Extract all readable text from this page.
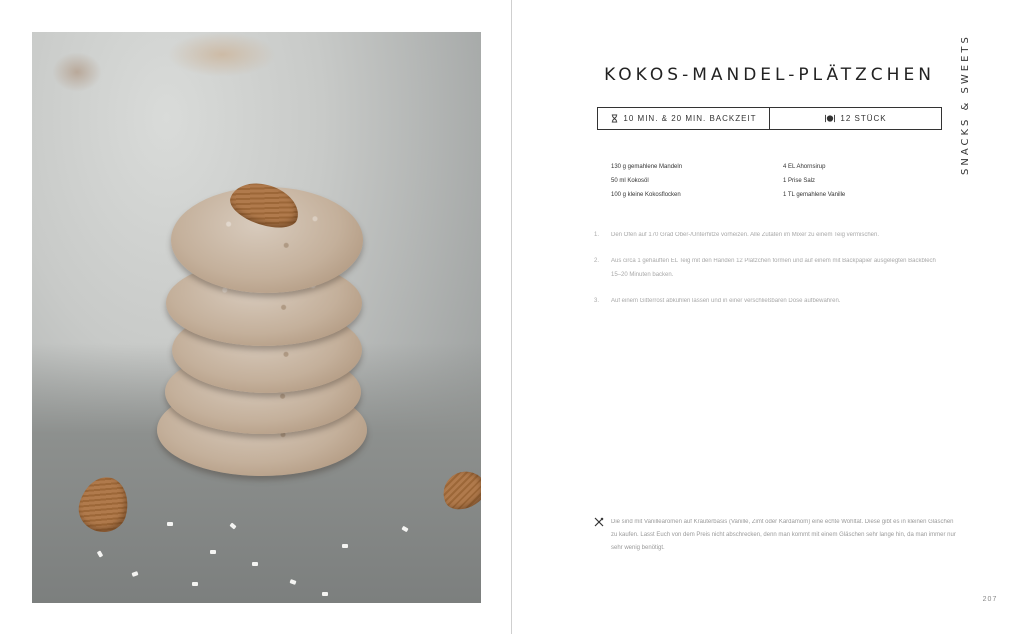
KOKOS-MANDEL-PLÄTZCHEN
10 MIN. & 20 MIN. BACKZEIT	12 STÜCK	SNACKS & SWEETS
130 g gemahlene Mandeln
50 ml Kokosöl
100 g kleine Kokosflocken
4 EL Ahornsirup
1 Prise Salz
1 TL gemahlene Vanille
1. Den Ofen auf 170 Grad Ober-/Unterhitze vorheizen. Alle Zutaten im Mixer zu einem Teig vermischen.
2. Aus circa 1 gehäuften EL Teig mit den Händen 12 Plätzchen formen und auf einem mit Backpapier ausgelegten Backblech 15–20 Minuten backen.
3. Auf einem Gitterrost abkühlen lassen und in einer verschließbaren Dose aufbewahren.
Die sind mit Vanillearomen auf Kräuterbasis (Vanille, Zimt oder Kardamom) eine echte Wohltat. Diese gibt es in kleinen Gläschen zu kaufen. Lasst Euch von dem Preis nicht abschrecken, denn man kommt mit einem Gläschen sehr lange hin, da man immer nur sehr wenig benötigt.
207
